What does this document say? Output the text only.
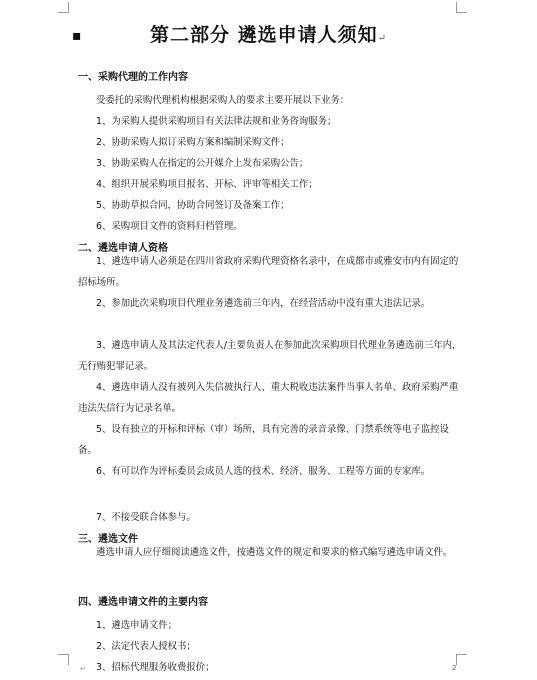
▪	第二部分 遴选申请人须知↵
一、采购代理的工作内容
受委托的采购代理机构根据采购人的要求主要开展以下业务：
1、为采购人提供采购项目有关法律法规和业务咨询服务；
2、协助采购人拟订采购方案和编制采购文件；
3、协助采购人在指定的公开媒介上发布采购公告；
4、组织开展采购项目报名、开标、评审等相关工作；
5、协助草拟合同，协助合同签订及备案工作；
6、采购项目文件的资料归档管理。
二、遴选申请人资格
1、遴选申请人必须是在四川省政府采购代理资格名录中，在成都市或雅安市内有固定的招标场所。
2、参加此次采购项目代理业务遴选前三年内，在经营活动中没有重大违法记录。
3、遴选申请人及其法定代表人/主要负责人在参加此次采购项目代理业务遴选前三年内，无行贿犯罪记录。
4、遴选申请人没有被列入失信被执行人、重大税收违法案件当事人名单、政府采购严重违法失信行为记录名单。
5、设有独立的开标和评标（审）场所，具有完善的录音录像、门禁系统等电子监控设备。
6、有可以作为评标委员会成员人选的技术、经济、服务、工程等方面的专家库。
7、不接受联合体参与。
三、遴选文件
遴选申请人应仔细阅读遴选文件，按遴选文件的规定和要求的格式编写遴选申请文件。
四、遴选申请文件的主要内容
1、遴选申请文件；
2、法定代表人授权书；
3、招标代理服务收费报价；
↵	2
